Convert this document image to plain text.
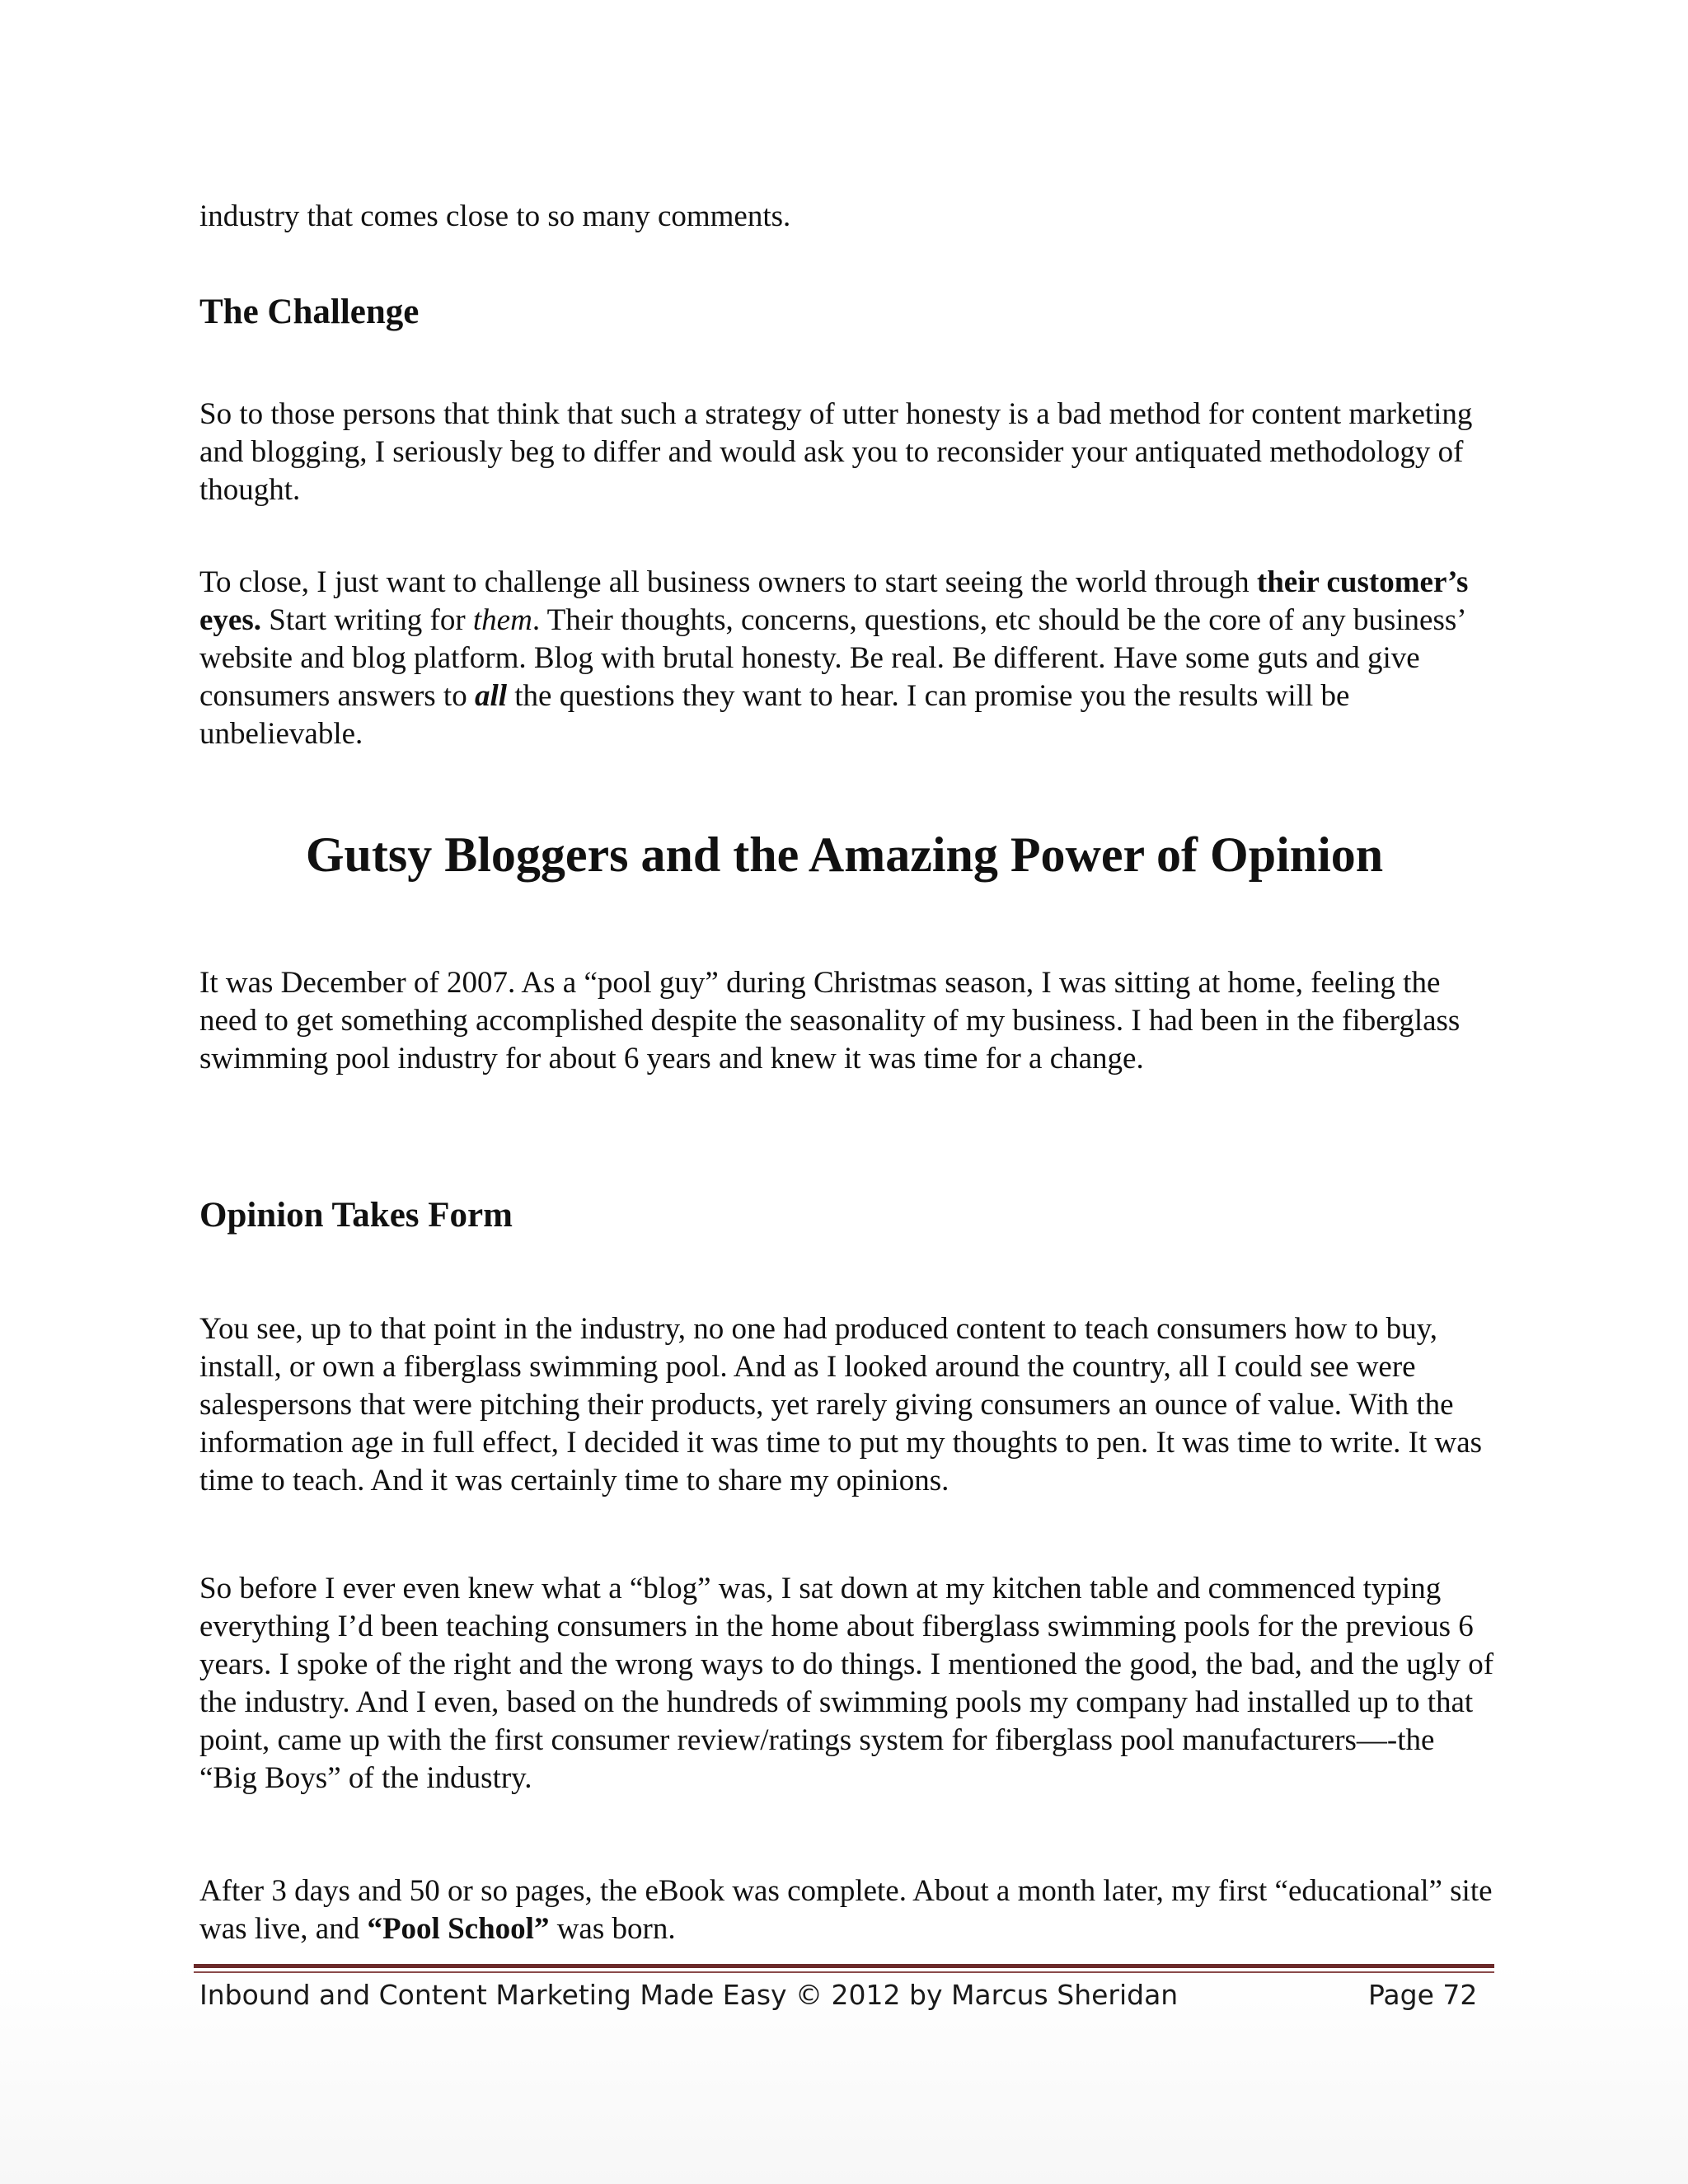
industry that comes close to so many comments.

The Challenge

So to those persons that think that such a strategy of utter honesty is a bad method for content marketing and blogging, I seriously beg to differ and would ask you to reconsider your antiquated methodology of thought.

To close, I just want to challenge all business owners to start seeing the world through their customer’s eyes. Start writing for them. Their thoughts, concerns, questions, etc should be the core of any business’ website and blog platform. Blog with brutal honesty. Be real. Be different. Have some guts and give consumers answers to all the questions they want to hear. I can promise you the results will be unbelievable.

Gutsy Bloggers and the Amazing Power of Opinion

It was December of 2007. As a “pool guy” during Christmas season, I was sitting at home, feeling the need to get something accomplished despite the seasonality of my business. I had been in the fiberglass swimming pool industry for about 6 years and knew it was time for a change.

Opinion Takes Form

You see, up to that point in the industry, no one had produced content to teach consumers how to buy, install, or own a fiberglass swimming pool. And as I looked around the country, all I could see were salespersons that were pitching their products, yet rarely giving consumers an ounce of value. With the information age in full effect, I decided it was time to put my thoughts to pen. It was time to write. It was time to teach. And it was certainly time to share my opinions.

So before I ever even knew what a “blog” was, I sat down at my kitchen table and commenced typing everything I’d been teaching consumers in the home about fiberglass swimming pools for the previous 6 years. I spoke of the right and the wrong ways to do things. I mentioned the good, the bad, and the ugly of the industry. And I even, based on the hundreds of swimming pools my company had installed up to that point, came up with the first consumer review/ratings system for fiberglass pool manufacturers—-the “Big Boys” of the industry.

After 3 days and 50 or so pages, the eBook was complete. About a month later, my first “educational” site was live, and “Pool School” was born.

Inbound and Content Marketing Made Easy © 2012 by Marcus Sheridan	Page 72
